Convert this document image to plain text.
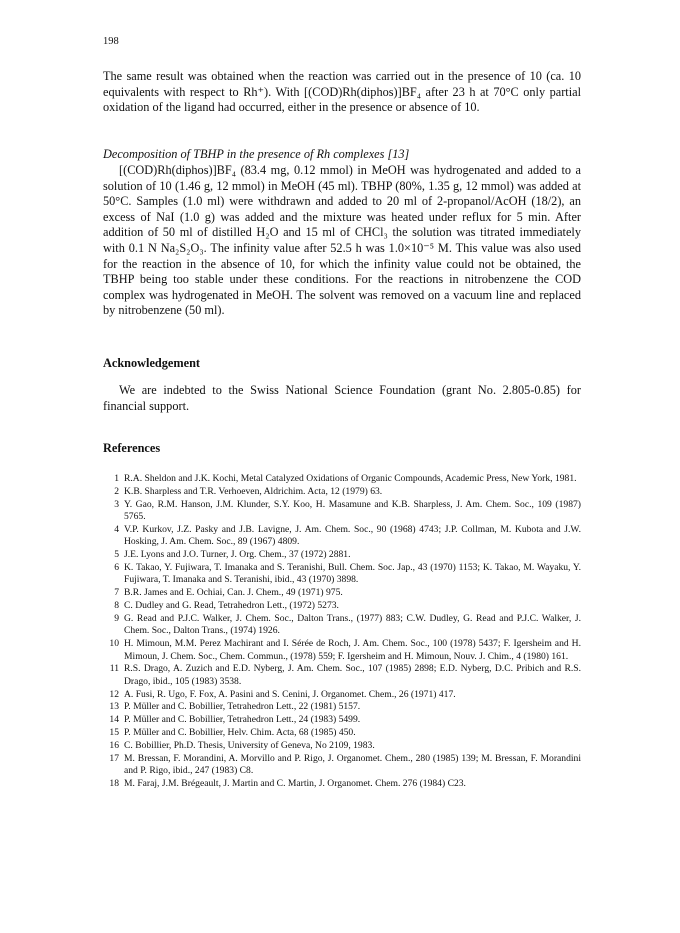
198

The same result was obtained when the reaction was carried out in the presence of 10 (ca. 10 equivalents with respect to Rh⁺). With [(COD)Rh(diphos)]BF₄ after 23 h at 70°C only partial oxidation of the ligand had occurred, either in the presence or absence of 10.

Decomposition of TBHP in the presence of Rh complexes [13]

[(COD)Rh(diphos)]BF₄ (83.4 mg, 0.12 mmol) in MeOH was hydrogenated and added to a solution of 10 (1.46 g, 12 mmol) in MeOH (45 ml). TBHP (80%, 1.35 g, 12 mmol) was added at 50°C. Samples (1.0 ml) were withdrawn and added to 20 ml of 2-propanol/AcOH (18/2), an excess of NaI (1.0 g) was added and the mixture was heated under reflux for 5 min. After addition of 50 ml of distilled H₂O and 15 ml of CHCl₃ the solution was titrated immediately with 0.1 N Na₂S₂O₃. The infinity value after 52.5 h was 1.0×10⁻⁵ M. This value was also used for the reaction in the absence of 10, for which the infinity value could not be obtained, the TBHP being too stable under these conditions. For the reactions in nitrobenzene the COD complex was hydrogenated in MeOH. The solvent was removed on a vacuum line and replaced by nitrobenzene (50 ml).

Acknowledgement

We are indebted to the Swiss National Science Foundation (grant No. 2.805-0.85) for financial support.

References

1 R.A. Sheldon and J.K. Kochi, Metal Catalyzed Oxidations of Organic Compounds, Academic Press, New York, 1981.
2 K.B. Sharpless and T.R. Verhoeven, Aldrichim. Acta, 12 (1979) 63.
3 Y. Gao, R.M. Hanson, J.M. Klunder, S.Y. Koo, H. Masamune and K.B. Sharpless, J. Am. Chem. Soc., 109 (1987) 5765.
4 V.P. Kurkov, J.Z. Pasky and J.B. Lavigne, J. Am. Chem. Soc., 90 (1968) 4743; J.P. Collman, M. Kubota and J.W. Hosking, J. Am. Chem. Soc., 89 (1967) 4809.
5 J.E. Lyons and J.O. Turner, J. Org. Chem., 37 (1972) 2881.
6 K. Takao, Y. Fujiwara, T. Imanaka and S. Teranishi, Bull. Chem. Soc. Jap., 43 (1970) 1153; K. Takao, M. Wayaku, Y. Fujiwara, T. Imanaka and S. Teranishi, ibid., 43 (1970) 3898.
7 B.R. James and E. Ochiai, Can. J. Chem., 49 (1971) 975.
8 C. Dudley and G. Read, Tetrahedron Lett., (1972) 5273.
9 G. Read and P.J.C. Walker, J. Chem. Soc., Dalton Trans., (1977) 883; C.W. Dudley, G. Read and P.J.C. Walker, J. Chem. Soc., Dalton Trans., (1974) 1926.
10 H. Mimoun, M.M. Perez Machirant and I. Sérée de Roch, J. Am. Chem. Soc., 100 (1978) 5437; F. Igersheim and H. Mimoun, J. Chem. Soc., Chem. Commun., (1978) 559; F. Igersheim and H. Mimoun, Nouv. J. Chim., 4 (1980) 161.
11 R.S. Drago, A. Zuzich and E.D. Nyberg, J. Am. Chem. Soc., 107 (1985) 2898; E.D. Nyberg, D.C. Pribich and R.S. Drago, ibid., 105 (1983) 3538.
12 A. Fusi, R. Ugo, F. Fox, A. Pasini and S. Cenini, J. Organomet. Chem., 26 (1971) 417.
13 P. Müller and C. Bobillier, Tetrahedron Lett., 22 (1981) 5157.
14 P. Müller and C. Bobillier, Tetrahedron Lett., 24 (1983) 5499.
15 P. Müller and C. Bobillier, Helv. Chim. Acta, 68 (1985) 450.
16 C. Bobillier, Ph.D. Thesis, University of Geneva, No 2109, 1983.
17 M. Bressan, F. Morandini, A. Morvillo and P. Rigo, J. Organomet. Chem., 280 (1985) 139; M. Bressan, F. Morandini and P. Rigo, ibid., 247 (1983) C8.
18 M. Faraj, J.M. Brégeault, J. Martin and C. Martin, J. Organomet. Chem. 276 (1984) C23.
